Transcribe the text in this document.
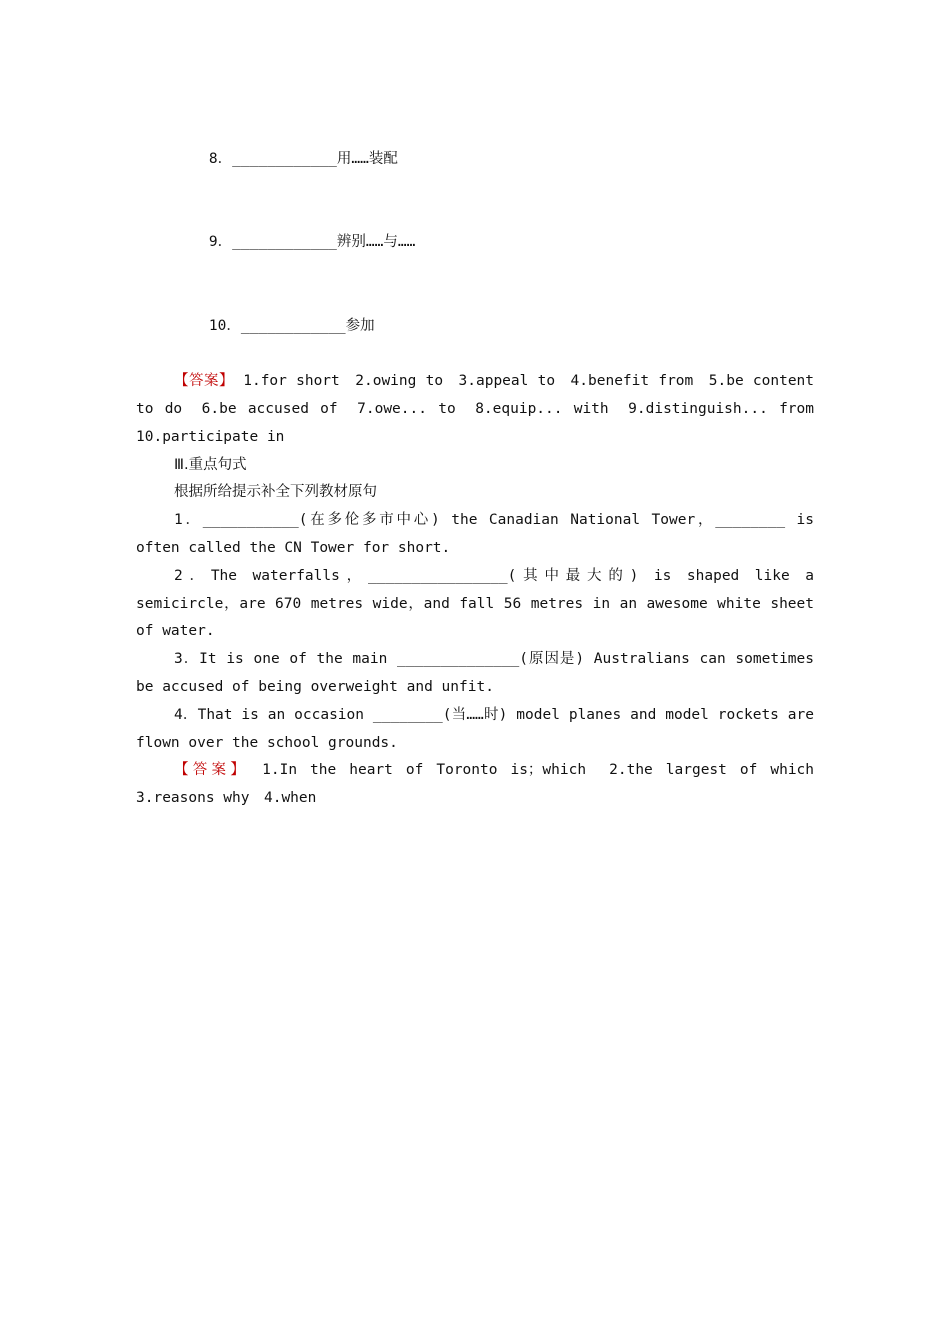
8．____________用……装配

9．____________辨别……与……

10．____________参加

【答案】 1.for short　2.owing to　3.appeal to　4.benefit from　5.be content to do　6.be accused of　7.owe... to　8.equip... with　9.distinguish... from　10.participate in
Ⅲ.重点句式
根据所给提示补全下列教材原句
1．___________(在多伦多市中心) the Canadian National Tower，________ is often called the CN Tower for short.
2．The waterfalls，________________(其中最大的) is shaped like a semicircle，are 670 metres wide，and fall 56 metres in an awesome white sheet of water.
3．It is one of the main ______________(原因是) Australians can sometimes be accused of being overweight and unfit.
4．That is an occasion ________(当……时) model planes and model rockets are flown over the school grounds.
【答案】 1.In the heart of Toronto is；which　2.the largest of which　3.reasons why　4.when
